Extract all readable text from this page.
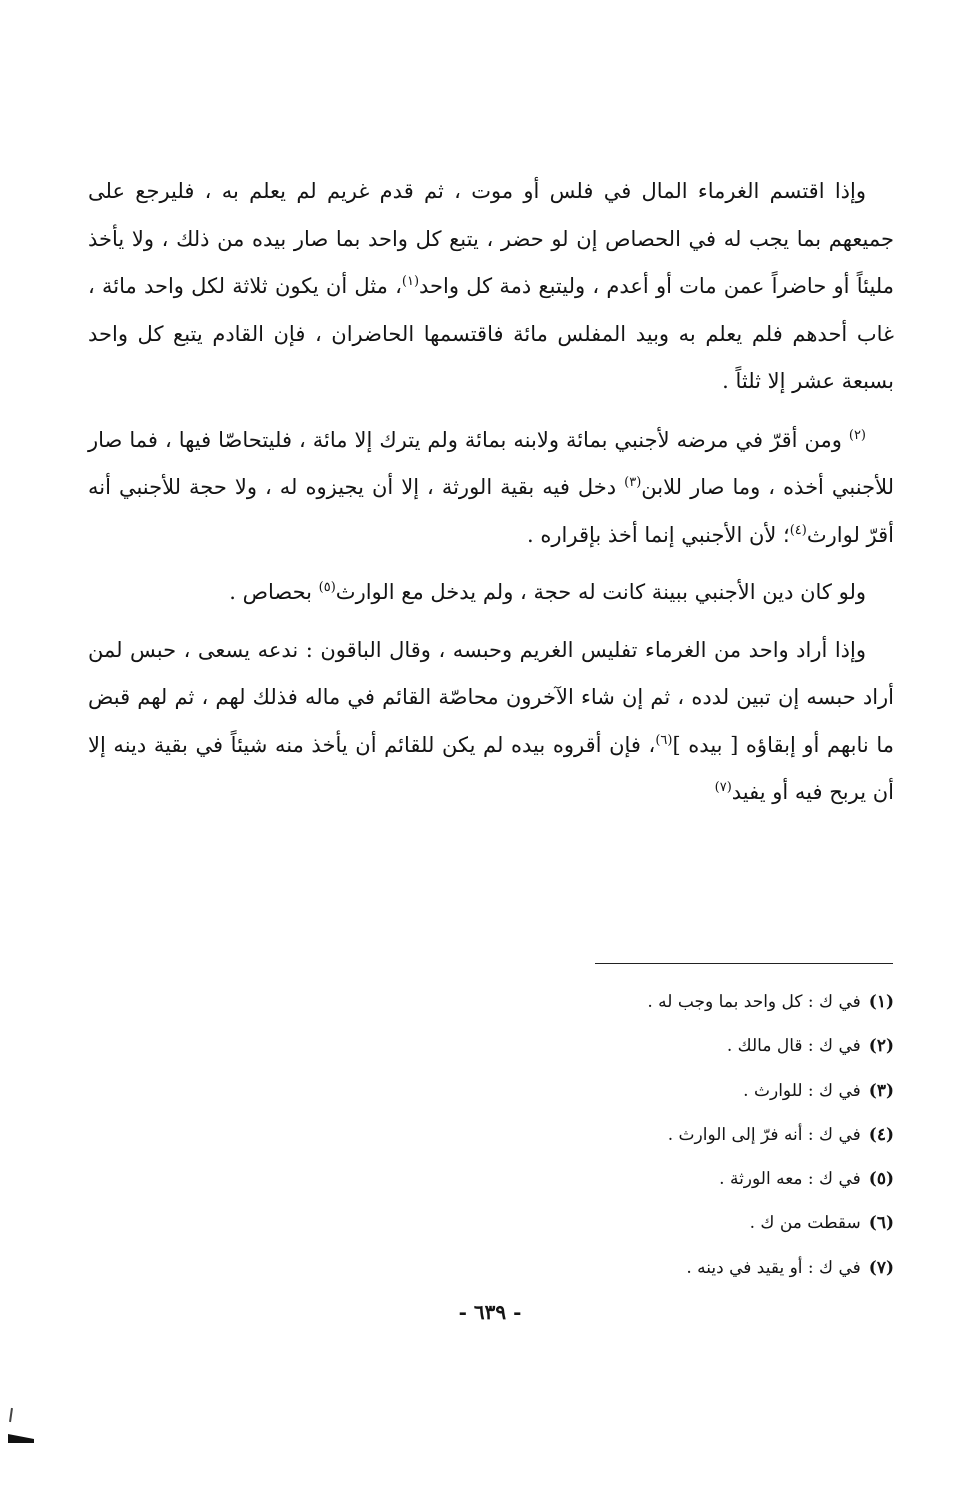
وإذا اقتسم الغرماء المال في فلس أو موت ، ثم قدم غريم لم يعلم به ، فليرجع على جميعهم بما يجب له في الحصاص إن لو حضر ، يتبع كل واحد بما صار بيده من ذلك ، ولا يأخذ مليئاً أو حاضراً عمن مات أو أعدم ، وليتبع ذمة كل واحد$^{(١)}$، مثل أن يكون ثلاثة لكل واحد مائة ، غاب أحدهم فلم يعلم به وبيد المفلس مائة فاقتسمها الحاضران ، فإن القادم يتبع كل واحد بسبعة عشر إلا ثلثاً .

$^{(٢)}$ ومن أقرّ في مرضه لأجنبي بمائة ولابنه بمائة ولم يترك إلا مائة ، فليتحاصّا فيها ، فما صار للأجنبي أخذه ، وما صار للابن$^{(٣)}$ دخل فيه بقية الورثة ، إلا أن يجيزوه له ، ولا حجة للأجنبي أنه أقرّ لوارث$^{(٤)}$؛ لأن الأجنبي إنما أخذ بإقراره .

ولو كان دين الأجنبي ببينة كانت له حجة ، ولم يدخل مع الوارث$^{(٥)}$ بحصاص .

وإذا أراد واحد من الغرماء تفليس الغريم وحبسه ، وقال الباقون : ندعه يسعى ، حبس لمن أراد حبسه إن تبين لدده ، ثم إن شاء الآخرون محاصّة القائم في ماله فذلك لهم ، ثم لهم قبض ما نابهم أو إبقاؤه [ بيده ]$^{(٦)}$، فإن أقروه بيده لم يكن للقائم أن يأخذ منه شيئاً في بقية دينه إلا أن يربح فيه أو يفيد$^{(٧)}$

(١)في ك : كل واحد بما وجب له .
(٢)في ك : قال مالك .
(٣)في ك : للوارث .
(٤)في ك : أنه فرّ إلى الوارث .
(٥)في ك : معه الورثة .
(٦)سقطت من ك .
(٧)في ك : أو يقيد في دينه .
- ٦٣٩ -
